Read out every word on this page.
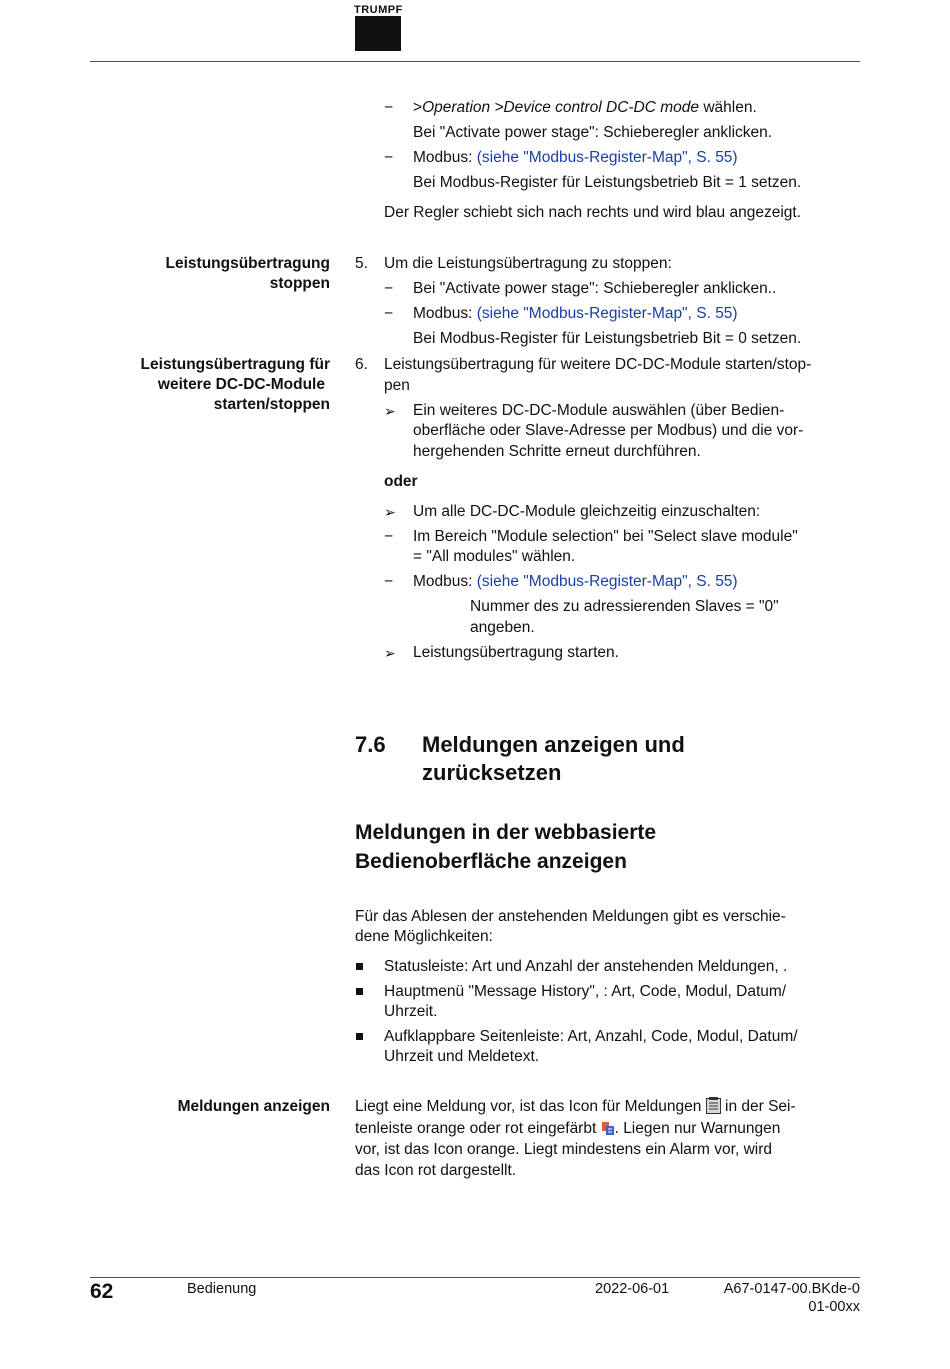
TRUMPF
− >Operation >Device control DC-DC mode wählen.
Bei "Activate power stage": Schieberegler anklicken.
− Modbus: (siehe "Modbus-Register-Map", S. 55)
Bei Modbus-Register für Leistungsbetrieb Bit = 1 setzen.
Der Regler schiebt sich nach rechts und wird blau angezeigt.
Leistungsübertragung
stoppen
5. Um die Leistungsübertragung zu stoppen:
− Bei "Activate power stage": Schieberegler anklicken..
− Modbus: (siehe "Modbus-Register-Map", S. 55)
Bei Modbus-Register für Leistungsbetrieb Bit = 0 setzen.
Leistungsübertragung für
weitere DC-DC-Module
starten/stoppen
6. Leistungsübertragung für weitere DC-DC-Module starten/stop-
pen
➢ Ein weiteres DC-DC-Module auswählen (über Bedien-
oberfläche oder Slave-Adresse per Modbus) und die vor-
hergehenden Schritte erneut durchführen.
oder
➢ Um alle DC-DC-Module gleichzeitig einzuschalten:
− Im Bereich "Module selection" bei "Select slave module"
= "All modules" wählen.
− Modbus: (siehe "Modbus-Register-Map", S. 55)
Nummer des zu adressierenden Slaves = "0"
angeben.
➢ Leistungsübertragung starten.
7.6 Meldungen anzeigen und
zurücksetzen
Meldungen in der webbasierte
Bedienoberfläche anzeigen
Für das Ablesen der anstehenden Meldungen gibt es verschie-
dene Möglichkeiten:
Statusleiste: Art und Anzahl der anstehenden Meldungen, .
Hauptmenü "Message History", : Art, Code, Modul, Datum/
Uhrzeit.
Aufklappbare Seitenleiste: Art, Anzahl, Code, Modul, Datum/
Uhrzeit und Meldetext.
Meldungen anzeigen Liegt eine Meldung vor, ist das Icon für Meldungen  in der Sei-
tenleiste orange oder rot eingefärbt . Liegen nur Warnungen
vor, ist das Icon orange. Liegt mindestens ein Alarm vor, wird
das Icon rot dargestellt.
62	Bedienung	2022-06-01	A67-0147-00.BKde-0
01-00xx
